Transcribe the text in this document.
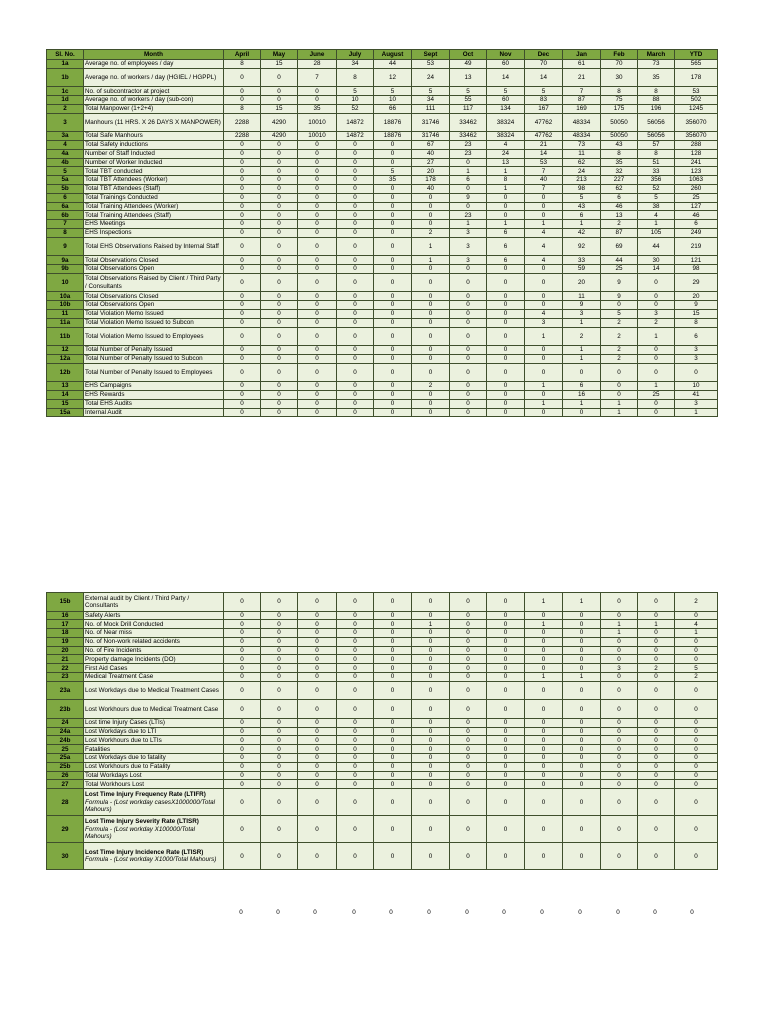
Sl. No.	Month	April	May	June	July	August	Sept	Oct	Nov	Dec	Jan	Feb	March	YTD
1a	Average no. of employees / day	8	15	28	34	44	53	49	60	70	61	70	73	565
1b	Average no. of workers / day (HGIEL / HGPPL)	0	0	7	8	12	24	13	14	14	21	30	35	178
1c	No. of subcontractor at project	0	0	0	5	5	5	5	5	5	7	8	8	53
1d	Average no. of workers / day (sub-con)	0	0	0	10	10	34	55	60	83	87	75	88	502
2	Total Manpower (1+2+4)	8	15	35	52	66	111	117	134	167	169	175	196	1245
3	Manhours (11 HRS. X 26 DAYS X MANPOWER)	2288	4290	10010	14872	18876	31746	33462	38324	47762	48334	50050	56056	356070
3a	Total Safe Manhours	2288	4290	10010	14872	18876	31746	33462	38324	47762	48334	50050	56056	356070
4	Total Safety inductions	0	0	0	0	0	67	23	4	21	73	43	57	288
4a	Number of Staff Inducted	0	0	0	0	0	40	23	24	14	11	8	8	128
4b	Number of Worker Inducted	0	0	0	0	0	27	0	13	53	62	35	51	241
5	Total TBT conducted	0	0	0	0	5	20	1	1	7	24	32	33	123
5a	Total TBT Attendees (Worker)	0	0	0	0	35	178	6	8	40	213	227	356	1063
5b	Total TBT Attendees (Staff)	0	0	0	0	0	40	0	1	7	98	62	52	260
6	Total Trainings Conducted	0	0	0	0	0	0	9	0	0	5	6	5	25
6a	Total Training Attendees (Worker)	0	0	0	0	0	0	0	0	0	43	46	38	127
6b	Total Training Attendees (Staff)	0	0	0	0	0	0	23	0	0	6	13	4	46
7	EHS Meetings	0	0	0	0	0	0	1	1	1	1	2	1	6
8	EHS Inspections	0	0	0	0	0	2	3	6	4	42	87	105	249
9	Total EHS Observations Raised by Internal Staff	0	0	0	0	0	1	3	6	4	92	69	44	219
9a	Total Observations Closed	0	0	0	0	0	1	3	6	4	33	44	30	121
9b	Total Observations Open	0	0	0	0	0	0	0	0	0	59	25	14	98
10	Total Observations Raised by Client / Third Party / Consultants	0	0	0	0	0	0	0	0	0	20	9	0	29
10a	Total Observations Closed	0	0	0	0	0	0	0	0	0	11	9	0	20
10b	Total Observations Open	0	0	0	0	0	0	0	0	0	9	0	0	9
11	Total Violation Memo Issued	0	0	0	0	0	0	0	0	4	3	5	3	15
11a	Total Violation Memo Issued to Subcon	0	0	0	0	0	0	0	0	3	1	2	2	8
11b	Total Violation Memo Issued to Employees	0	0	0	0	0	0	0	0	1	2	2	1	6
12	Total Number of Penalty Issued	0	0	0	0	0	0	0	0	0	1	2	0	3
12a	Total Number of Penalty Issued to Subcon	0	0	0	0	0	0	0	0	0	1	2	0	3
12b	Total Number of Penalty Issued to Employees	0	0	0	0	0	0	0	0	0	0	0	0	0
13	EHS Campaigns	0	0	0	0	0	2	0	0	1	6	0	1	10
14	EHS Rewards	0	0	0	0	0	0	0	0	0	16	0	25	41
15	Total EHS Audits	0	0	0	0	0	0	0	0	1	1	1	0	3
15a	Internal Audit	0	0	0	0	0	0	0	0	0	0	1	0	1
15b	External audit by Client / Third Party / Consultants	0	0	0	0	0	0	0	0	1	1	0	0	2
16	Safety Alerts	0	0	0	0	0	0	0	0	0	0	0	0	0
17	No. of Mock Drill Conducted	0	0	0	0	0	1	0	0	1	0	1	1	4
18	No. of Near miss	0	0	0	0	0	0	0	0	0	0	1	0	1
19	No. of Non-work related accidents	0	0	0	0	0	0	0	0	0	0	0	0	0
20	No. of Fire Incidents	0	0	0	0	0	0	0	0	0	0	0	0	0
21	Property damage Incidents (DO)	0	0	0	0	0	0	0	0	0	0	0	0	0
22	First Aid Cases	0	0	0	0	0	0	0	0	0	0	3	2	5
23	Medical Treatment Case	0	0	0	0	0	0	0	0	1	1	0	0	2
23a	Lost Workdays due to Medical Treatment Cases	0	0	0	0	0	0	0	0	0	0	0	0	0
23b	Lost Workhours due to Medical Treatment Case	0	0	0	0	0	0	0	0	0	0	0	0	0
24	Lost time Injury Cases (LTIs)	0	0	0	0	0	0	0	0	0	0	0	0	0
24a	Lost Workdays due to LTI	0	0	0	0	0	0	0	0	0	0	0	0	0
24b	Lost Workhours due to LTIs	0	0	0	0	0	0	0	0	0	0	0	0	0
25	Fatalities	0	0	0	0	0	0	0	0	0	0	0	0	0
25a	Lost Workdays due to fatality	0	0	0	0	0	0	0	0	0	0	0	0	0
25b	Lost Workhours due to Fatality	0	0	0	0	0	0	0	0	0	0	0	0	0
26	Total Workdays Lost	0	0	0	0	0	0	0	0	0	0	0	0	0
27	Total Workhours Lost	0	0	0	0	0	0	0	0	0	0	0	0	0
28	Lost Time Injury Frequency Rate (LTIFR)
Formula - (Lost workday casesX1000000/Total Mahours)	0	0	0	0	0	0	0	0	0	0	0	0	0
29	Lost Time Injury Severity Rate (LTISR)
Formula - (Lost workday X100000/Total Mahours)	0	0	0	0	0	0	0	0	0	0	0	0	0
30	Lost Time Injury Incidence Rate (LTISR)
Formula - (Lost workday X1000/Total Mahours)	0	0	0	0	0	0	0	0	0	0	0	0	0
0	0	0	0	0	0	0	0	0	0	0	0	0
